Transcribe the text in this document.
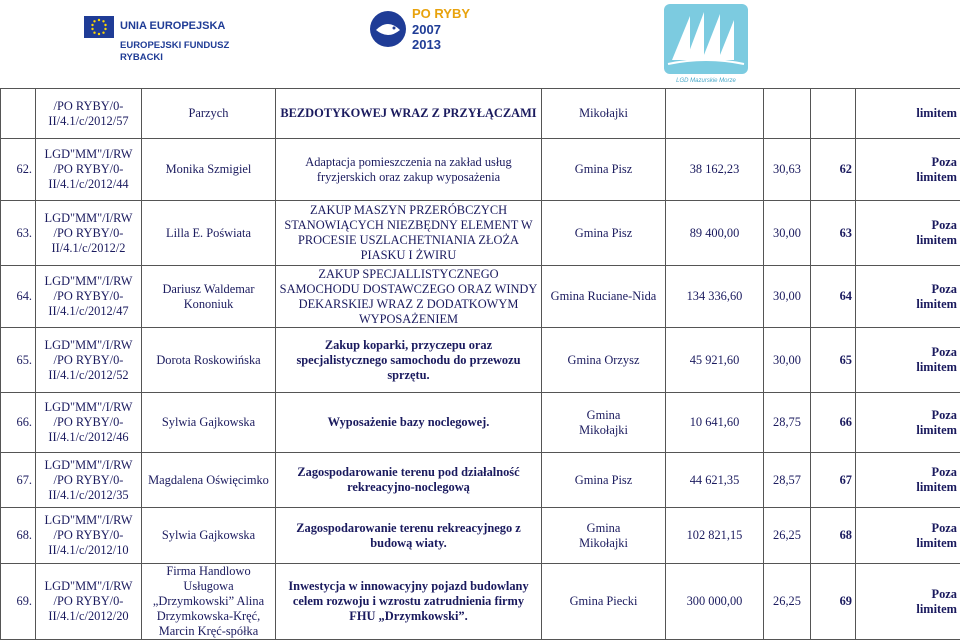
UNIA EUROPEJSKA
EUROPEJSKI FUNDUSZ
RYBACKI
PO RYBY
2007
2013
LGD Mazurskie Morze
	/PO RYBY/0-
II/4.1/c/2012/57	Parzych	BEZDOTYKOWEJ WRAZ Z PRZYŁĄCZAMI	Mikołajki				limitem
62.	LGD"MM"/I/RW
/PO RYBY/0-
II/4.1/c/2012/44	Monika Szmigiel	Adaptacja pomieszczenia na zakład usług fryzjerskich oraz zakup wyposażenia	Gmina Pisz	38 162,23	30,63	62	Poza
limitem
63.	LGD"MM"/I/RW
/PO RYBY/0-
II/4.1/c/2012/2	Lilla E. Poświata	ZAKUP MASZYN PRZERÓBCZYCH STANOWIĄCYCH NIEZBĘDNY ELEMENT W PROCESIE USZLACHETNIANIA ZŁOŻA PIASKU I ŻWIRU	Gmina Pisz	89 400,00	30,00	63	Poza
limitem
64.	LGD"MM"/I/RW
/PO RYBY/0-
II/4.1/c/2012/47	Dariusz Waldemar Kononiuk	ZAKUP SPECJALLISTYCZNEGO SAMOCHODU DOSTAWCZEGO ORAZ WINDY DEKARSKIEJ WRAZ Z DODATKOWYM WYPOSAŻENIEM	Gmina Ruciane-Nida	134 336,60	30,00	64	Poza
limitem
65.	LGD"MM"/I/RW
/PO RYBY/0-
II/4.1/c/2012/52	Dorota Roskowińska	Zakup koparki, przyczepu oraz specjalistycznego samochodu do przewozu sprzętu.	Gmina Orzysz	45 921,60	30,00	65	Poza
limitem
66.	LGD"MM"/I/RW
/PO RYBY/0-
II/4.1/c/2012/46	Sylwia Gajkowska	Wyposażenie bazy noclegowej.	Gmina
Mikołajki	10 641,60	28,75	66	Poza
limitem
67.	LGD"MM"/I/RW
/PO RYBY/0-
II/4.1/c/2012/35	Magdalena Oświęcimko	Zagospodarowanie terenu pod działalność rekreacyjno-noclegową	Gmina Pisz	44 621,35	28,57	67	Poza
limitem
68.	LGD"MM"/I/RW
/PO RYBY/0-
II/4.1/c/2012/10	Sylwia Gajkowska	Zagospodarowanie terenu rekreacyjnego z budową wiaty.	Gmina
Mikołajki	102 821,15	26,25	68	Poza
limitem
69.	LGD"MM"/I/RW
/PO RYBY/0-
II/4.1/c/2012/20	Firma Handlowo Usługowa „Drzymkowski” Alina Drzymkowska-Kręć, Marcin Kręć-spółka	Inwestycja w innowacyjny pojazd budowlany celem rozwoju i wzrostu zatrudnienia firmy FHU „Drzymkowski”.	Gmina Piecki	300 000,00	26,25	69	Poza
limitem
